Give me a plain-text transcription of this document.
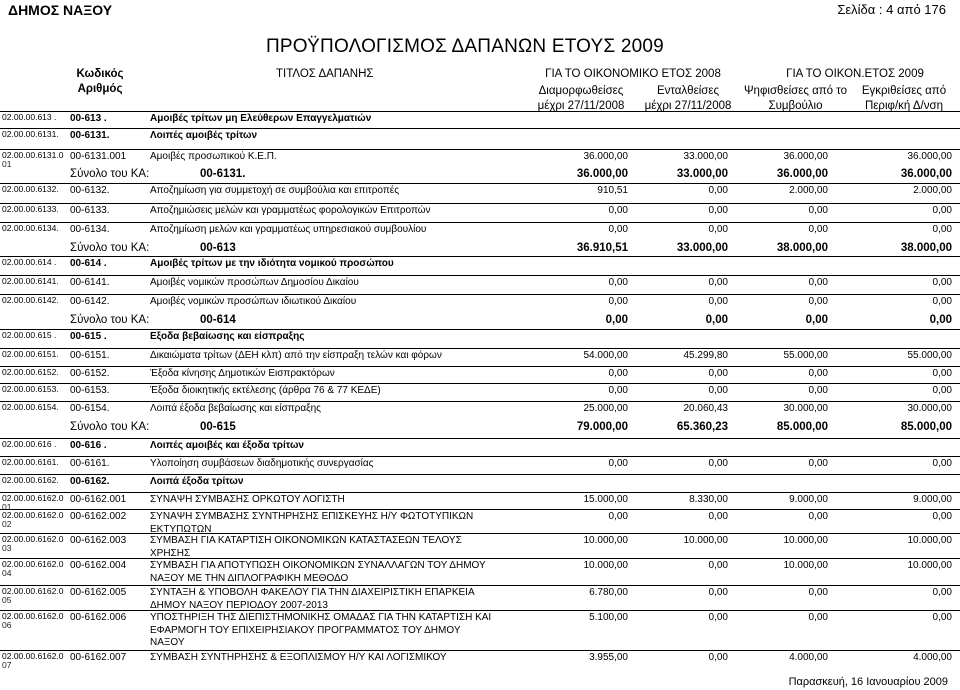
ΔΗΜΟΣ ΝΑΞΟΥ	Σελίδα : 4 από 176
ΠΡΟΫΠΟΛΟΓΙΣΜΟΣ ΔΑΠΑΝΩΝ ΕΤΟΥΣ 2009
Κωδικός
Αριθμός
ΤΙΤΛΟΣ ΔΑΠΑΝΗΣ	ΓΙΑ ΤΟ ΟΙΚΟΝΟΜΙΚΟ ΕΤΟΣ 2008	ΓΙΑ ΤΟ ΟΙΚΟΝ.ΕΤΟΣ 2009
Διαμορφωθείσες
μέχρι 27/11/2008
Ενταλθείσες
μέχρι 27/11/2008
Ψηφισθείσες από το
Συμβούλιο
Εγκριθείσες από
Περιφ/κή Δ/νση
02.00.00.613 . 00-613 .	Αμοιβές τρίτων μη Ελεύθερων Επαγγελματιών
02.00.00.6131. 00-6131.	Λοιπές αμοιβές τρίτων
02.00.00.6131.0
01
00-6131.001 Αμοιβές προσωπικού Κ.Ε.Π.	36.000,00	33.000,00	36.000,00	36.000,00
Σύνολο του ΚΑ:	00-6131.	36.000,00	33.000,00	36.000,00	36.000,00
02.00.00.6132. 00-6132.	Αποζημίωση για συμμετοχή σε συμβούλια και επιτροπές	910,51	0,00	2.000,00	2.000,00
02.00.00.6133. 00-6133.	Αποζημιώσεις μελών και γραμματέως φορολογικών Επιτροπών	0,00	0,00	0,00	0,00
02.00.00.6134. 00-6134.	Αποζημίωση μελών και γραμματέως υπηρεσιακού συμβουλίου	0,00	0,00	0,00	0,00
Σύνολο του ΚΑ:	00-613	36.910,51	33.000,00	38.000,00	38.000,00
02.00.00.614 . 00-614 .	Αμοιβές τρίτων με την ιδιότητα νομικού προσώπου
02.00.00.6141. 00-6141.	Αμοιβές νομικών προσώπων Δημοσίου Δικαίου	0,00	0,00	0,00	0,00
02.00.00.6142. 00-6142.	Αμοιβές νομικών προσώπων ιδιωτικού Δικαίου	0,00	0,00	0,00	0,00
Σύνολο του ΚΑ:	00-614	0,00	0,00	0,00	0,00
02.00.00.615 . 00-615 .	Εξοδα βεβαίωσης και είσπραξης
02.00.00.6151. 00-6151.	Δικαιώματα τρίτων (ΔΕΗ κλπ) από την είσπραξη τελών και φόρων	54.000,00	45.299,80	55.000,00	55.000,00
02.00.00.6152. 00-6152.	Έξοδα κίνησης Δημοτικών Εισπρακτόρων	0,00	0,00	0,00	0,00
02.00.00.6153. 00-6153.	Έξοδα διοικητικής εκτέλεσης (άρθρα 76 & 77 ΚΕΔΕ)	0,00	0,00	0,00	0,00
02.00.00.6154. 00-6154.	Λοιπά έξοδα βεβαίωσης και είσπραξης	25.000,00	20.060,43	30.000,00	30.000,00
Σύνολο του ΚΑ:	00-615	79.000,00	65.360,23	85.000,00	85.000,00
02.00.00.616 . 00-616 .	Λοιπές αμοιβές και έξοδα τρίτων
02.00.00.6161. 00-6161.	Υλοποίηση συμβάσεων διαδημοτικής συνεργασίας	0,00	0,00	0,00	0,00
02.00.00.6162. 00-6162.	Λοιπά έξοδα τρίτων
02.00.00.6162.0
01
00-6162.001 ΣΥΝΑΨΗ ΣΥΜΒΑΣΗΣ ΟΡΚΩΤΟΥ ΛΟΓΙΣΤΗ	15.000,00	8.330,00	9.000,00	9.000,00
02.00.00.6162.0
02
00-6162.002 ΣΥΝΑΨΗ ΣΥΜΒΑΣΗΣ ΣΥΝΤΗΡΗΣΗΣ ΕΠΙΣΚΕΥΗΣ Η/Υ ΦΩΤΟΤΥΠΙΚΩΝ
ΕΚΤΥΠΩΤΩΝ
0,00	0,00	0,00	0,00
02.00.00.6162.0
03
00-6162.003 ΣΥΜΒΑΣΗ ΓΙΑ ΚΑΤΑΡΤΙΣΗ ΟΙΚΟΝΟΜΙΚΩΝ ΚΑΤΑΣΤΑΣΕΩΝ ΤΕΛΟΥΣ
ΧΡΗΣΗΣ
10.000,00	10.000,00	10.000,00	10.000,00
02.00.00.6162.0
04
00-6162.004 ΣΥΜΒΑΣΗ ΓΙΑ ΑΠΟΤΥΠΩΣΗ ΟΙΚΟΝΟΜΙΚΩΝ ΣΥΝΑΛΛΑΓΩΝ ΤΟΥ ΔΗΜΟΥ
ΝΑΞΟΥ ΜΕ ΤΗΝ ΔΙΠΛΟΓΡΑΦΙΚΗ ΜΕΘΟΔΟ
10.000,00	0,00	10.000,00	10.000,00
02.00.00.6162.0
05
00-6162.005 ΣΥΝΤΑΞΗ & ΥΠΟΒΟΛΗ ΦΑΚΕΛΟΥ ΓΙΑ ΤΗΝ ΔΙΑΧΕΙΡΙΣΤΙΚΗ ΕΠΑΡΚΕΙΑ
ΔΗΜΟΥ ΝΑΞΟΥ ΠΕΡΙΟΔΟΥ 2007-2013
6.780,00	0,00	0,00	0,00
02.00.00.6162.0
06
00-6162.006 ΥΠΟΣΤΗΡΙΞΗ ΤΗΣ ΔΙΕΠΙΣΤΗΜΟΝΙΚΗΣ ΟΜΑΔΑΣ ΓΙΑ ΤΗΝ ΚΑΤΑΡΤΙΣΗ ΚΑΙ
ΕΦΑΡΜΟΓΗ ΤΟΥ ΕΠΙΧΕΙΡΗΣΙΑΚΟΥ ΠΡΟΓΡΑΜΜΑΤΟΣ ΤΟΥ ΔΗΜΟΥ
ΝΑΞΟΥ
5.100,00	0,00	0,00	0,00
02.00.00.6162.0
07
00-6162.007 ΣΥΜΒΑΣΗ ΣΥΝΤΗΡΗΣΗΣ & ΕΞΟΠΛΙΣΜΟΥ Η/Υ ΚΑΙ ΛΟΓΙΣΜΙΚΟΥ	3.955,00	0,00	4.000,00	4.000,00
Παρασκευή, 16 Ιανουαρίου 2009
